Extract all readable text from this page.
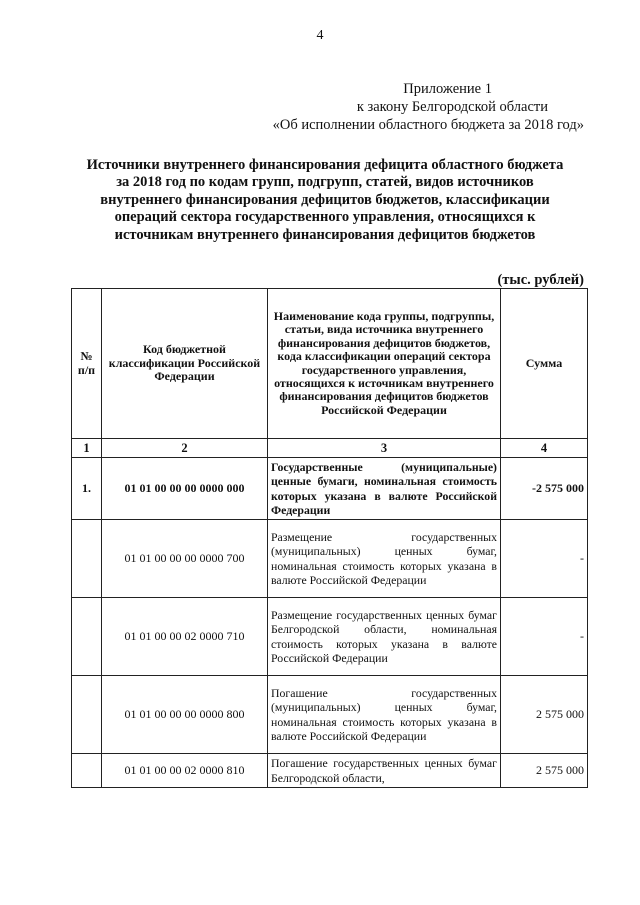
4
Приложение 1
к закону Белгородской области
«Об исполнении областного бюджета за 2018 год»
Источники внутреннего финансирования дефицита областного бюджета
за 2018 год по кодам групп, подгрупп, статей, видов источников
внутреннего финансирования дефицитов бюджетов, классификации
операций сектора государственного управления, относящихся к
источникам внутреннего финансирования дефицитов бюджетов
(тыс. рублей)
№ п/п	Код бюджетной классификации Российской Федерации	Наименование кода группы, подгруппы, статьи, вида источника внутреннего финансирования дефицитов бюджетов, кода классификации операций сектора государственного управления, относящихся к источникам внутреннего финансирования дефицитов бюджетов Российской Федерации	Сумма
1	2	3	4
1.	01 01 00 00 00 0000 000	Государственные (муниципальные) ценные бумаги, номинальная стоимость которых указана в валюте Российской Федерации	-2 575 000
	01 01 00 00 00 0000 700	Размещение государственных (муниципальных) ценных бумаг, номинальная стоимость которых указана в валюте Российской Федерации	-
	01 01 00 00 02 0000 710	Размещение государственных ценных бумаг Белгородской области, номинальная стоимость которых указана в валюте Российской Федерации	-
	01 01 00 00 00 0000 800	Погашение государственных (муниципальных) ценных бумаг, номинальная стоимость которых указана в валюте Российской Федерации	2 575 000
	01 01 00 00 02 0000 810	Погашение государственных ценных бумаг Белгородской области,	2 575 000
